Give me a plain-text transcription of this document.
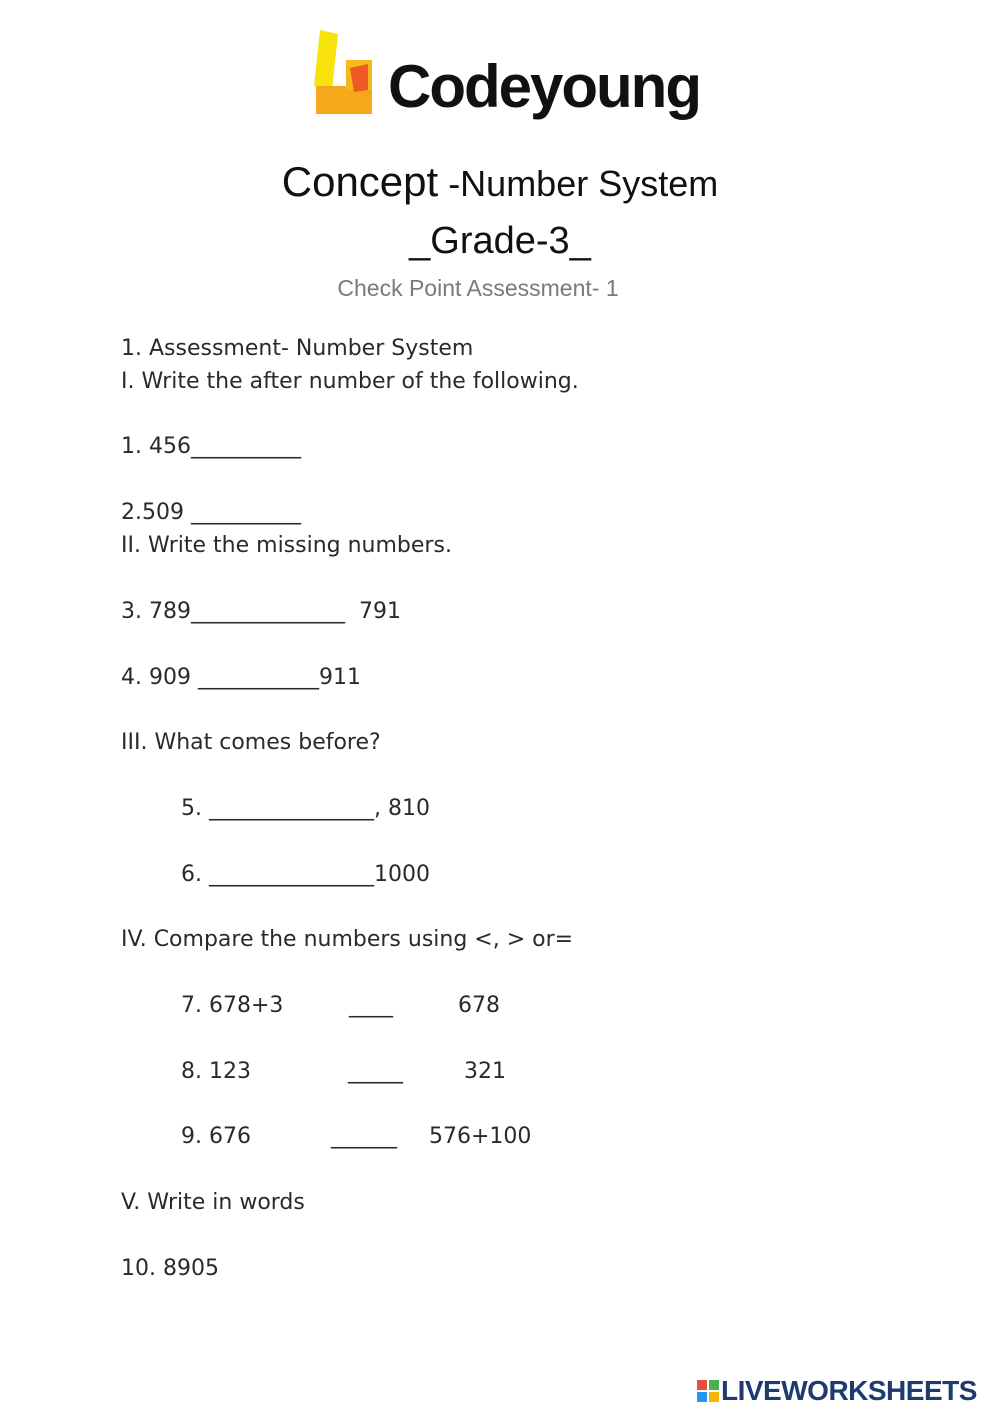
Codeyoung
Concept -Number System
_Grade-3_
Check Point Assessment- 1
1. Assessment- Number System
I. Write the after number of the following.
1. 456__________
2.509 __________
II. Write the missing numbers.
3. 789______________  791
4. 909 ___________911
III. What comes before?
5. _______________, 810
6. _______________1000
IV. Compare the numbers using <, > or=
7. 678+3	____	678
8. 123	_____	321
9. 676	______ 576+100
V. Write in words
10. 8905
LIVEWORKSHEETS
